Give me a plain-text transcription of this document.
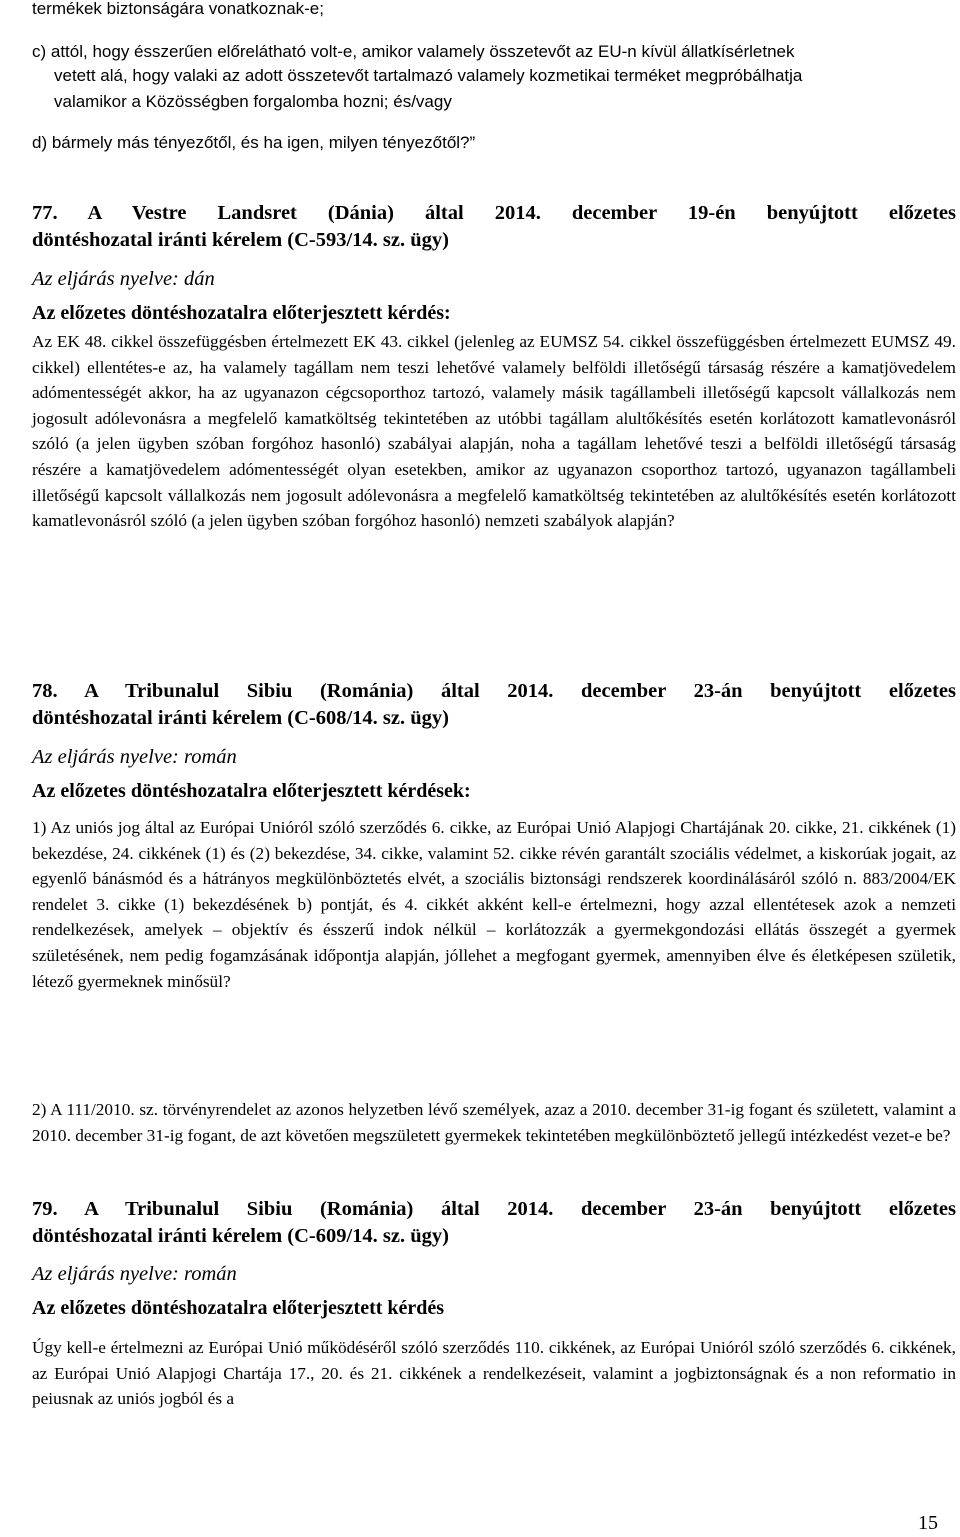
termékek biztonságára vonatkoznak-e;
c) attól, hogy ésszerűen előrelátható volt-e, amikor valamely összetevőt az EU-n kívül állatkísérletnek
vetett alá, hogy valaki az adott összetevőt tartalmazó valamely kozmetikai terméket megpróbálhatja
valamikor a Közösségben forgalomba hozni; és/vagy
d) bármely más tényezőtől, és ha igen, milyen tényezőtől?”
77. A Vestre Landsret (Dánia) által 2014. december 19-én benyújtott előzetes
döntéshozatal iránti kérelem (C-593/14. sz. ügy)
Az eljárás nyelve: dán
Az előzetes döntéshozatalra előterjesztett kérdés:
Az EK 48. cikkel összefüggésben értelmezett EK 43. cikkel (jelenleg az EUMSZ 54. cikkel összefüggésben értelmezett EUMSZ 49. cikkel) ellentétes-e az, ha valamely tagállam nem teszi lehetővé valamely belföldi illetőségű társaság részére a kamatjövedelem adómentességét akkor, ha az ugyanazon cégcsoporthoz tartozó, valamely másik tagállambeli illetőségű kapcsolt vállalkozás nem jogosult adólevonásra a megfelelő kamatköltség tekintetében az utóbbi tagállam alultőkésítés esetén korlátozott kamatlevonásról szóló (a jelen ügyben szóban forgóhoz hasonló) szabályai alapján, noha a tagállam lehetővé teszi a belföldi illetőségű társaság részére a kamatjövedelem adómentességét olyan esetekben, amikor az ugyanazon csoporthoz tartozó, ugyanazon tagállambeli illetőségű kapcsolt vállalkozás nem jogosult adólevonásra a megfelelő kamatköltség tekintetében az alultőkésítés esetén korlátozott kamatlevonásról szóló (a jelen ügyben szóban forgóhoz hasonló) nemzeti szabályok alapján?
78. A Tribunalul Sibiu (Románia) által 2014. december 23-án benyújtott előzetes
döntéshozatal iránti kérelem (C-608/14. sz. ügy)
Az eljárás nyelve: román
Az előzetes döntéshozatalra előterjesztett kérdések:
1) Az uniós jog által az Európai Unióról szóló szerződés 6. cikke, az Európai Unió Alapjogi Chartájának 20. cikke, 21. cikkének (1) bekezdése, 24. cikkének (1) és (2) bekezdése, 34. cikke, valamint 52. cikke révén garantált szociális védelmet, a kiskorúak jogait, az egyenlő bánásmód és a hátrányos megkülönböztetés elvét, a szociális biztonsági rendszerek koordinálásáról szóló n. 883/2004/EK rendelet 3. cikke (1) bekezdésének b) pontját, és 4. cikkét akként kell-e értelmezni, hogy azzal ellentétesek azok a nemzeti rendelkezések, amelyek – objektív és ésszerű indok nélkül – korlátozzák a gyermekgondozási ellátás összegét a gyermek születésének, nem pedig fogamzásának időpontja alapján, jóllehet a megfogant gyermek, amennyiben élve és életképesen születik, létező gyermeknek minősül?
2) A 111/2010. sz. törvényrendelet az azonos helyzetben lévő személyek, azaz a 2010. december 31-ig fogant és született, valamint a 2010. december 31-ig fogant, de azt követően megszületett gyermekek tekintetében megkülönböztető jellegű intézkedést vezet-e be?
79. A Tribunalul Sibiu (Románia) által 2014. december 23-án benyújtott előzetes
döntéshozatal iránti kérelem (C-609/14. sz. ügy)
Az eljárás nyelve: román
Az előzetes döntéshozatalra előterjesztett kérdés
Úgy kell-e értelmezni az Európai Unió működéséről szóló szerződés 110. cikkének, az Európai Unióról szóló szerződés 6. cikkének, az Európai Unió Alapjogi Chartája 17., 20. és 21. cikkének a rendelkezéseit, valamint a jogbiztonságnak és a non reformatio in peiusnak az uniós jogból és a
15
